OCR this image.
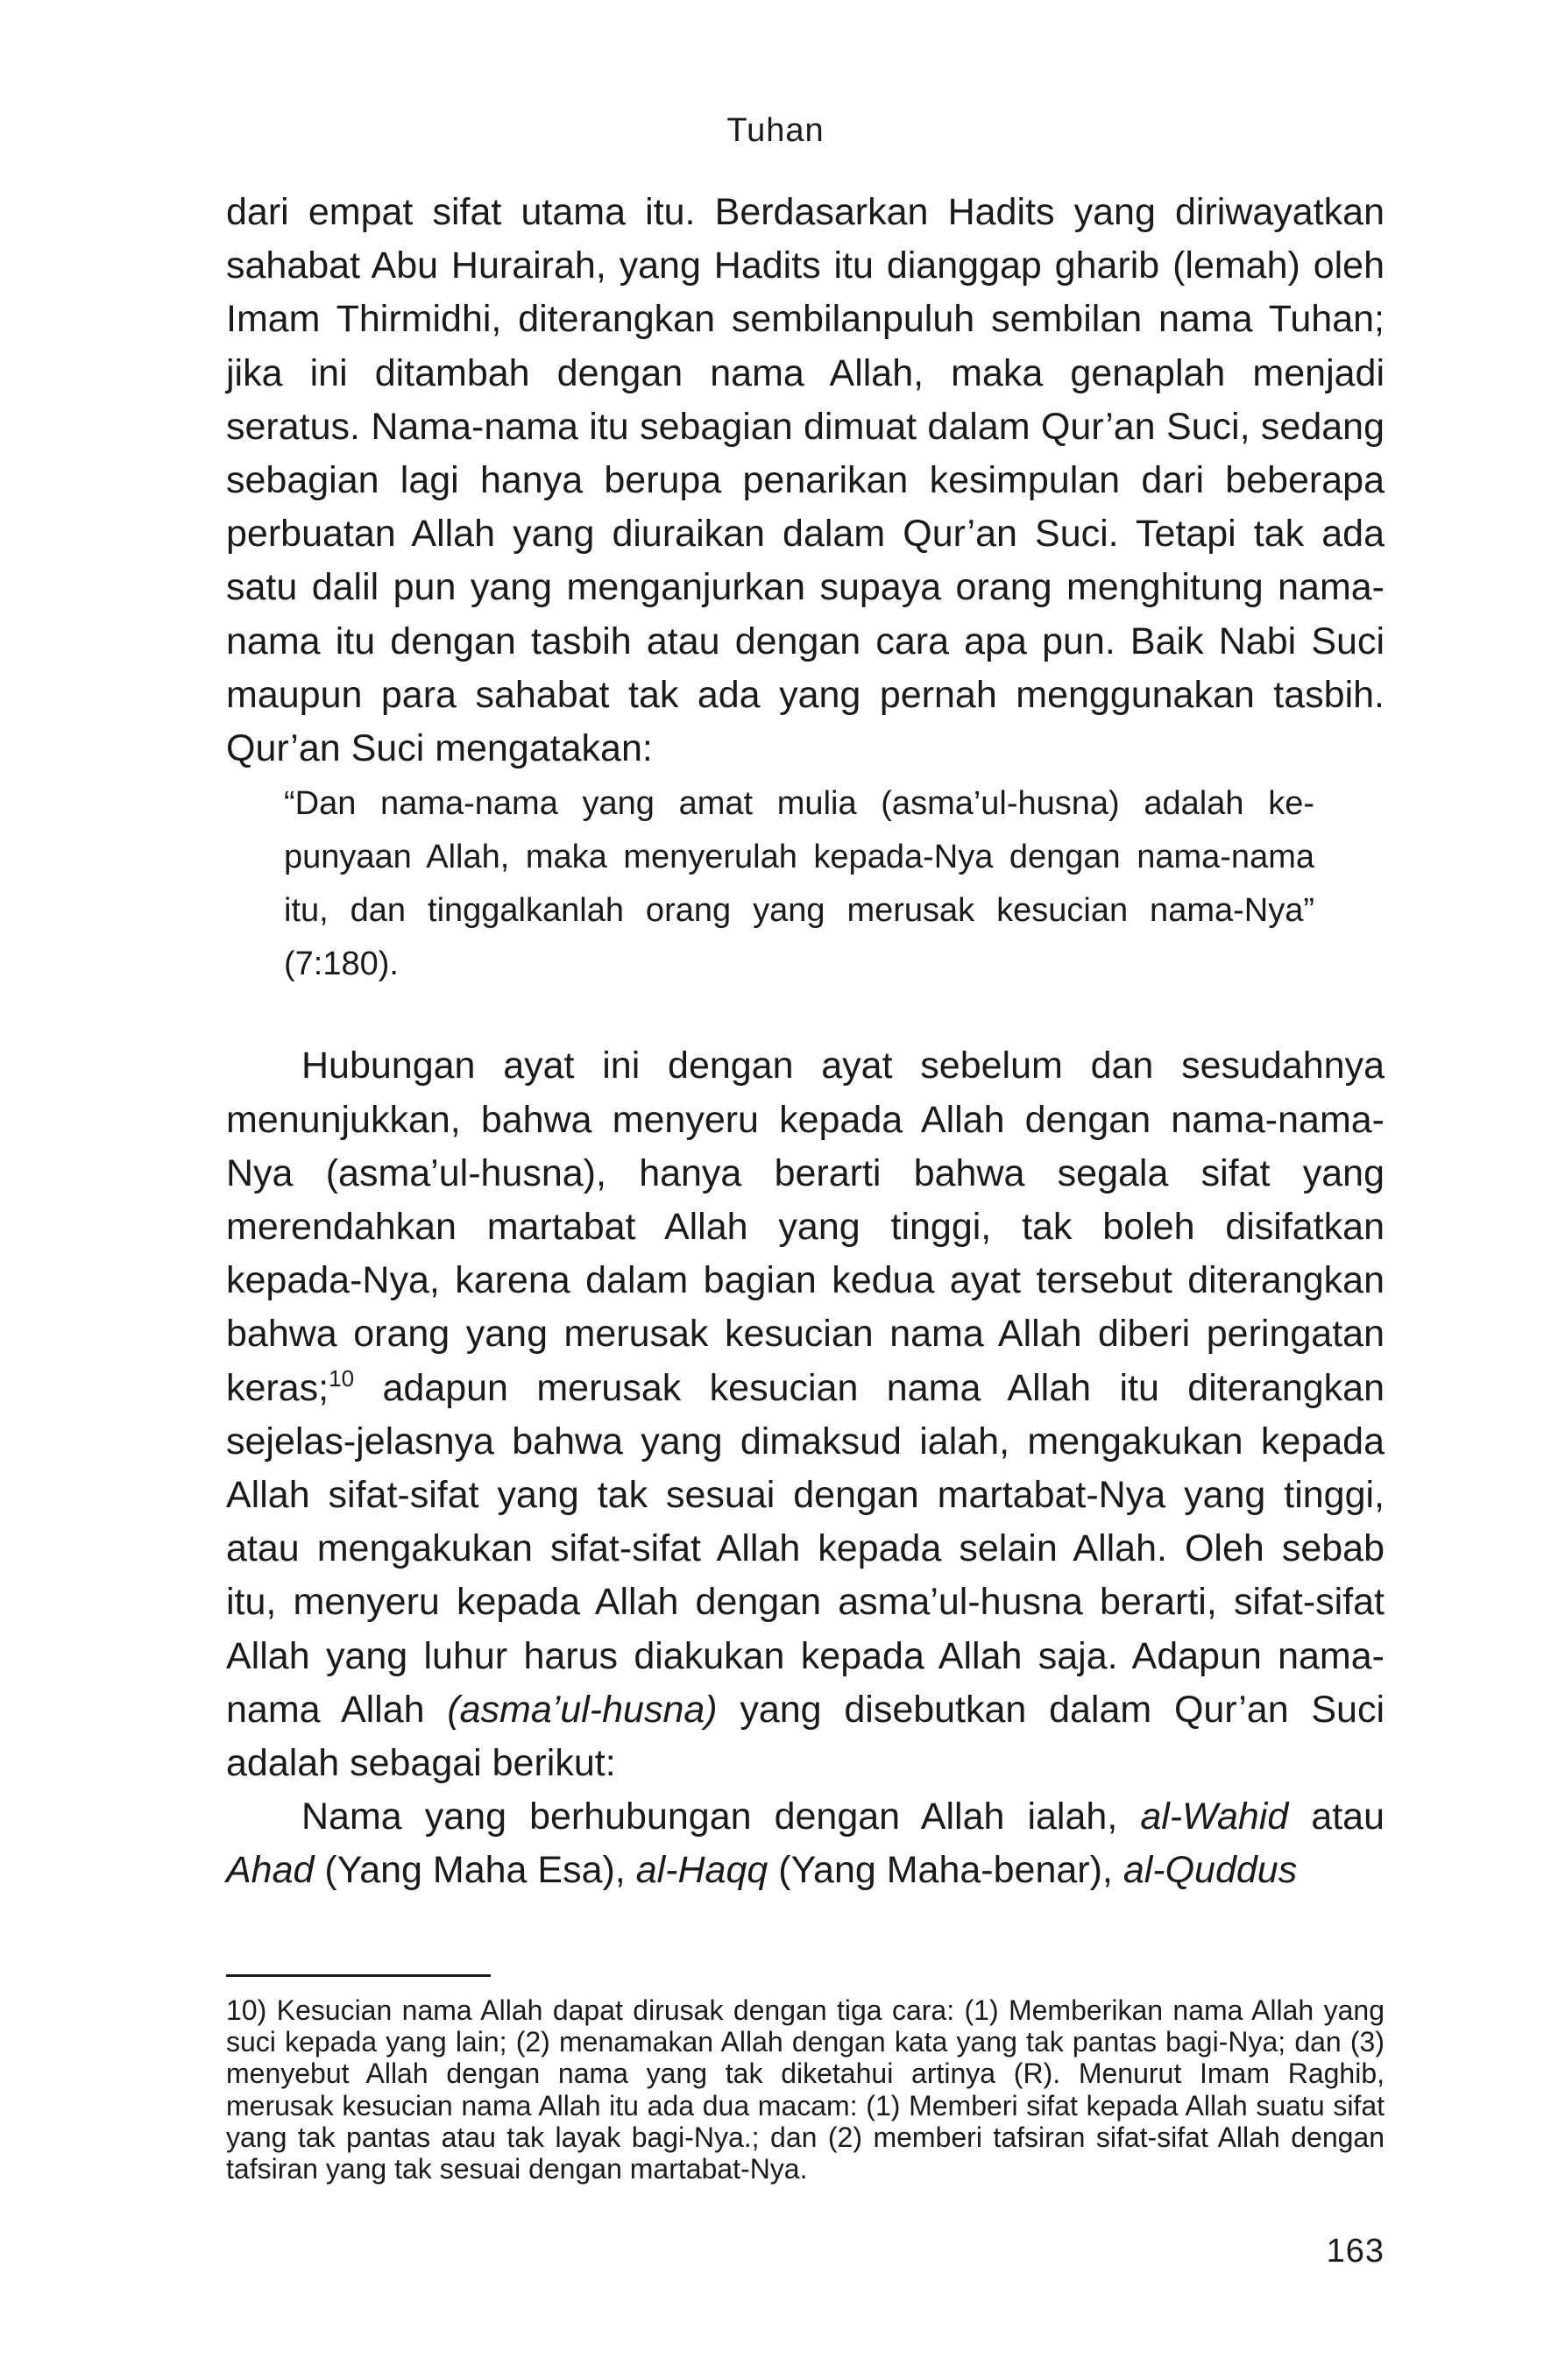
Tuhan

dari empat sifat utama itu. Berdasarkan Hadits yang diriwayatkan sahabat Abu Hurairah, yang Hadits itu dianggap gharib (lemah) oleh Imam Thirmidhi, diterangkan sembilanpuluh sembilan nama Tuhan; jika ini ditambah dengan nama Allah, maka genaplah menjadi seratus. Nama-nama itu sebagian dimuat dalam Qur’an Suci, sedang sebagian lagi hanya berupa penarikan kesimpulan dari beberapa perbuatan Allah yang diuraikan dalam Qur’an Suci. Tetapi tak ada satu dalil pun yang menganjurkan supaya orang menghitung nama-nama itu dengan tasbih atau dengan cara apa pun. Baik Nabi Suci maupun para sahabat tak ada yang pernah menggunakan tasbih. Qur’an Suci mengatakan:

“Dan nama-nama yang amat mulia (asma’ul-husna) adalah kepunyaan Allah, maka menyerulah kepada-Nya dengan nama-nama itu, dan tinggalkanlah orang yang merusak kesucian nama-Nya” (7:180).

Hubungan ayat ini dengan ayat sebelum dan sesudahnya menunjukkan, bahwa menyeru kepada Allah dengan nama-nama-Nya (asma’ul-husna), hanya berarti bahwa segala sifat yang merendahkan martabat Allah yang tinggi, tak boleh disifatkan kepada-Nya, karena dalam bagian kedua ayat tersebut diterangkan bahwa orang yang merusak kesucian nama Allah diberi peringatan keras;$^{10}$ adapun merusak kesucian nama Allah itu diterangkan sejelas-jelasnya bahwa yang dimaksud ialah, mengakukan kepada Allah sifat-sifat yang tak sesuai dengan martabat-Nya yang tinggi, atau mengakukan sifat-sifat Allah kepada selain Allah. Oleh sebab itu, menyeru kepada Allah dengan asma’ul-husna berarti, sifat-sifat Allah yang luhur harus diakukan kepada Allah saja. Adapun nama-nama Allah (asma’ul-husna) yang disebutkan dalam Qur’an Suci adalah sebagai berikut:

Nama yang berhubungan dengan Allah ialah, al-Wahid atau Ahad (Yang Maha Esa), al-Haqq (Yang Maha-benar), al-Quddus

10) Kesucian nama Allah dapat dirusak dengan tiga cara: (1) Memberikan nama Allah yang suci kepada yang lain; (2) menamakan Allah dengan kata yang tak pantas bagi-Nya; dan (3) menyebut Allah dengan nama yang tak diketahui artinya (R). Menurut Imam Raghib, merusak kesucian nama Allah itu ada dua macam: (1) Memberi sifat kepada Allah suatu sifat yang tak pantas atau tak layak bagi-Nya.; dan (2) memberi tafsiran sifat-sifat Allah dengan tafsiran yang tak sesuai dengan martabat-Nya.

163
